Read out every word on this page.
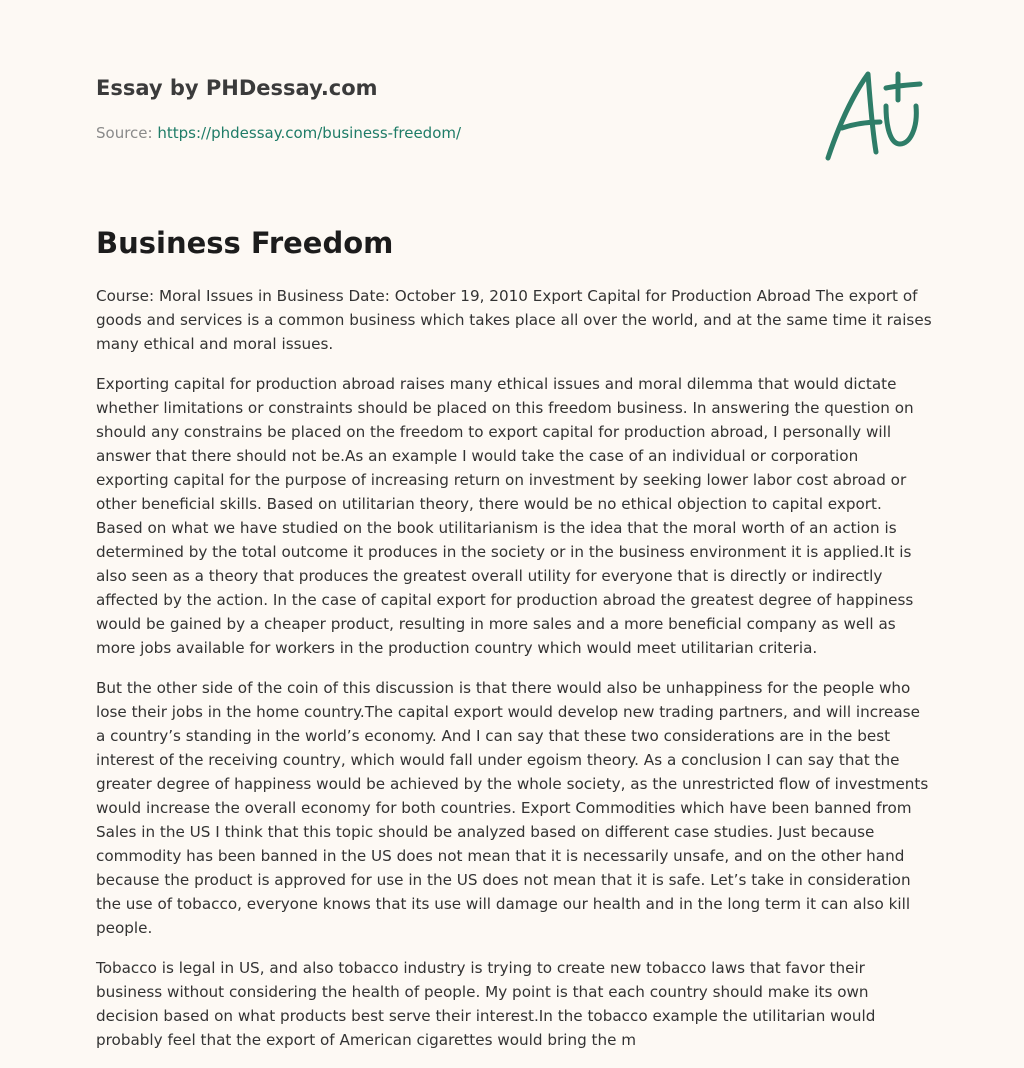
Essay by PHDessay.com
Source: https://phdessay.com/business-freedom/
Business Freedom

Course: Moral Issues in Business Date: October 19, 2010 Export Capital for Production Abroad The export of goods and services is a common business which takes place all over the world, and at the same time it raises many ethical and moral issues.

Exporting capital for production abroad raises many ethical issues and moral dilemma that would dictate whether limitations or constraints should be placed on this freedom business. In answering the question on should any constrains be placed on the freedom to export capital for production abroad, I personally will answer that there should not be.As an example I would take the case of an individual or corporation exporting capital for the purpose of increasing return on investment by seeking lower labor cost abroad or other beneficial skills. Based on utilitarian theory, there would be no ethical objection to capital export. Based on what we have studied on the book utilitarianism is the idea that the moral worth of an action is determined by the total outcome it produces in the society or in the business environment it is applied.It is also seen as a theory that produces the greatest overall utility for everyone that is directly or indirectly affected by the action. In the case of capital export for production abroad the greatest degree of happiness would be gained by a cheaper product, resulting in more sales and a more beneficial company as well as more jobs available for workers in the production country which would meet utilitarian criteria.

But the other side of the coin of this discussion is that there would also be unhappiness for the people who lose their jobs in the home country.The capital export would develop new trading partners, and will increase a country’s standing in the world’s economy. And I can say that these two considerations are in the best interest of the receiving country, which would fall under egoism theory. As a conclusion I can say that the greater degree of happiness would be achieved by the whole society, as the unrestricted flow of investments would increase the overall economy for both countries. Export Commodities which have been banned from Sales in the US I think that this topic should be analyzed based on different case studies. Just because commodity has been banned in the US does not mean that it is necessarily unsafe, and on the other hand because the product is approved for use in the US does not mean that it is safe. Let’s take in consideration the use of tobacco, everyone knows that its use will damage our health and in the long term it can also kill people.

Tobacco is legal in US, and also tobacco industry is trying to create new tobacco laws that favor their business without considering the health of people. My point is that each country should make its own decision based on what products best serve their interest.In the tobacco example the utilitarian would probably feel that the export of American cigarettes would bring the m
